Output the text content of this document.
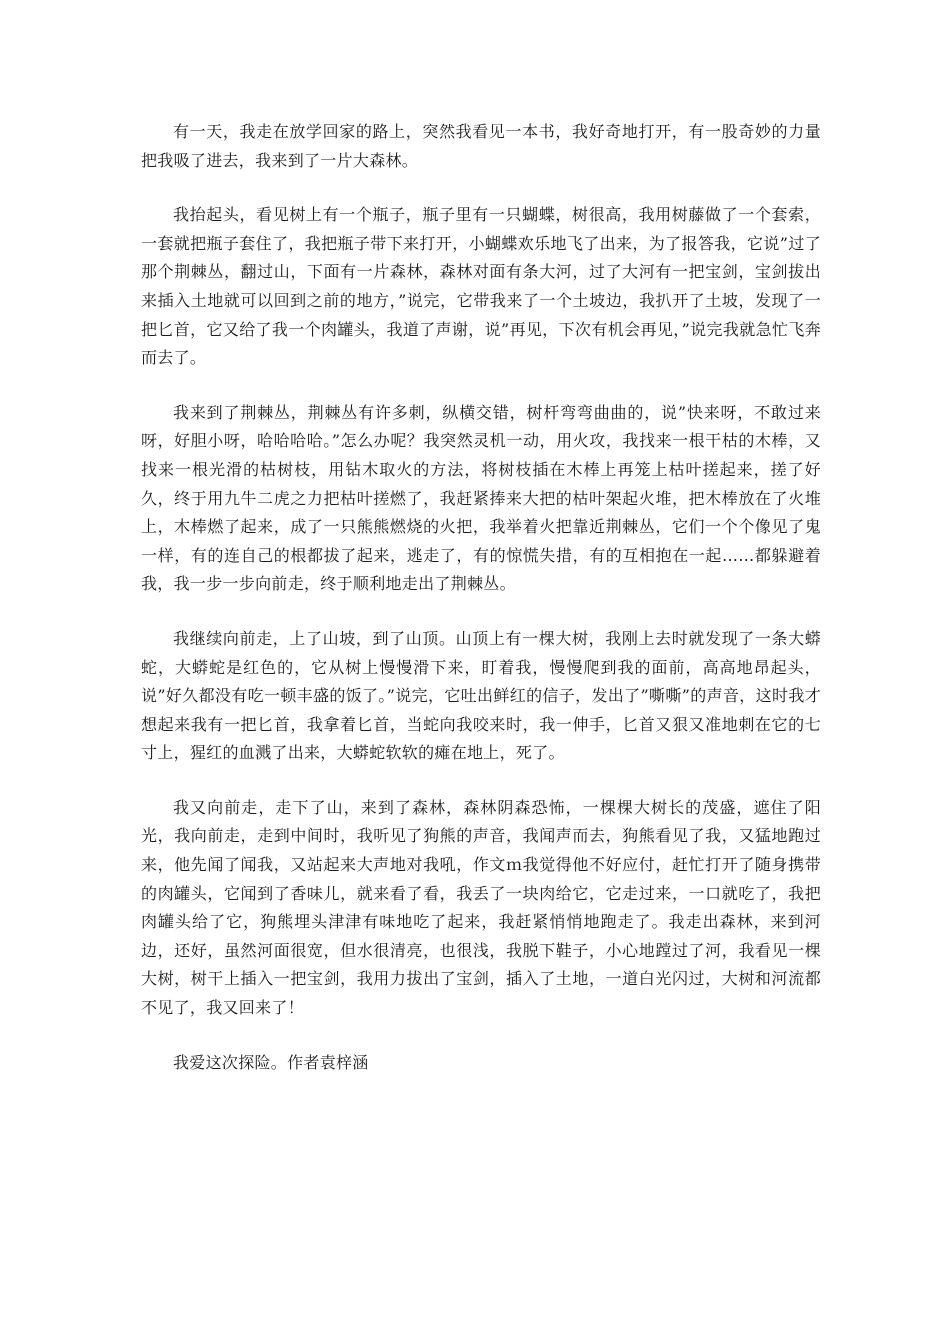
有一天，我走在放学回家的路上，突然我看见一本书，我好奇地打开，有一股奇妙的力量把我吸了进去，我来到了一片大森林。

我抬起头，看见树上有一个瓶子，瓶子里有一只蝴蝶，树很高，我用树藤做了一个套索，一套就把瓶子套住了，我把瓶子带下来打开，小蝴蝶欢乐地飞了出来，为了报答我，它说”过了那个荆棘丛，翻过山，下面有一片森林，森林对面有条大河，过了大河有一把宝剑，宝剑拔出来插入土地就可以回到之前的地方，”说完，它带我来了一个土坡边，我扒开了土坡，发现了一把匕首，它又给了我一个肉罐头，我道了声谢，说”再见，下次有机会再见，”说完我就急忙飞奔而去了。

我来到了荆棘丛，荆棘丛有许多刺，纵横交错，树杆弯弯曲曲的，说”快来呀，不敢过来呀，好胆小呀，哈哈哈哈。”怎么办呢？我突然灵机一动，用火攻，我找来一根干枯的木棒，又找来一根光滑的枯树枝，用钻木取火的方法，将树枝插在木棒上再笼上枯叶搓起来，搓了好久，终于用九牛二虎之力把枯叶搓燃了，我赶紧捧来大把的枯叶架起火堆，把木棒放在了火堆上，木棒燃了起来，成了一只熊熊燃烧的火把，我举着火把靠近荆棘丛，它们一个个像见了鬼一样，有的连自己的根都拔了起来，逃走了，有的惊慌失措，有的互相抱在一起……都躲避着我，我一步一步向前走，终于顺利地走出了荆棘丛。

我继续向前走，上了山坡，到了山顶。山顶上有一棵大树，我刚上去时就发现了一条大蟒蛇，大蟒蛇是红色的，它从树上慢慢滑下来，盯着我，慢慢爬到我的面前，高高地昂起头，说”好久都没有吃一顿丰盛的饭了。”说完，它吐出鲜红的信子，发出了”嘶嘶”的声音，这时我才想起来我有一把匕首，我拿着匕首，当蛇向我咬来时，我一伸手，匕首又狠又准地刺在它的七寸上，猩红的血溅了出来，大蟒蛇软软的瘫在地上，死了。

我又向前走，走下了山，来到了森林，森林阴森恐怖，一棵棵大树长的茂盛，遮住了阳光，我向前走，走到中间时，我听见了狗熊的声音，我闻声而去，狗熊看见了我，又猛地跑过来，他先闻了闻我，又站起来大声地对我吼，作文ｍ我觉得他不好应付，赶忙打开了随身携带的肉罐头，它闻到了香味儿，就来看了看，我丢了一块肉给它，它走过来，一口就吃了，我把肉罐头给了它，狗熊埋头津津有味地吃了起来，我赶紧悄悄地跑走了。我走出森林，来到河边，还好，虽然河面很宽，但水很清亮，也很浅，我脱下鞋子，小心地蹚过了河，我看见一棵大树，树干上插入一把宝剑，我用力拔出了宝剑，插入了土地，一道白光闪过，大树和河流都不见了，我又回来了！

我爱这次探险。作者袁梓涵
